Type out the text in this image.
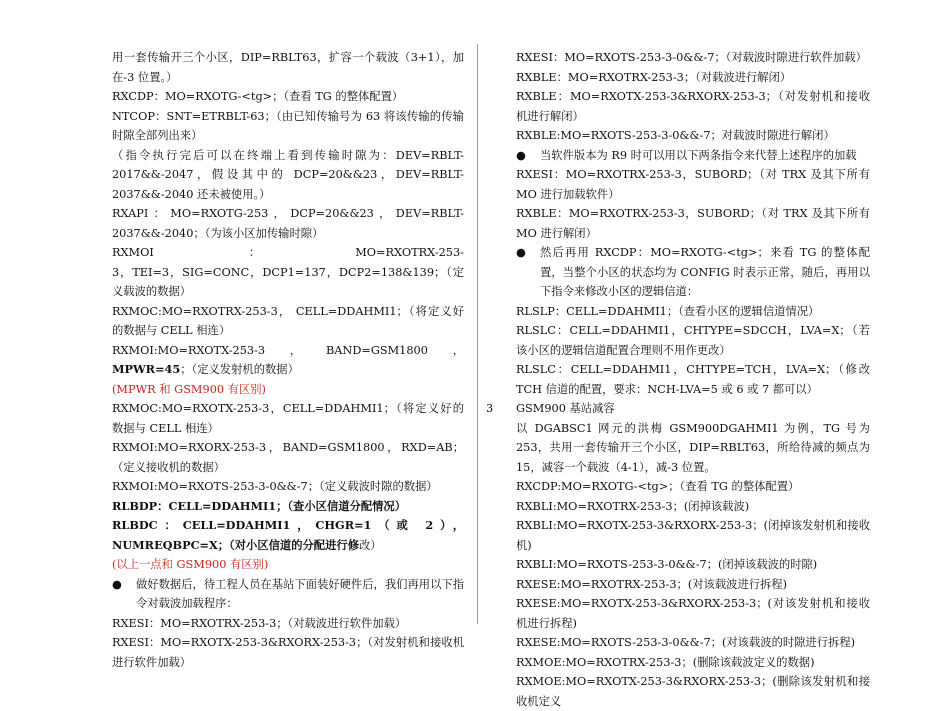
用一套传输开三个小区，DIP=RBLT63，扩容一个载波（3+1），加在-3 位置。）

RXCDP：MO=RXOTG-<tg>；（查看 TG 的整体配置）

NTCOP：SNT=ETRBLT-63；（由已知传输号为 63 将该传输的传输时隙全部列出来）

（指令执行完后可以在终端上看到传输时隙为：DEV=RBLT-2017&&-2047，假设其中的 DCP=20&&23，DEV=RBLT-2037&&-2040 还未被使用。）

RXAPI：MO=RXOTG-253，DCP=20&&23，DEV=RBLT-2037&&-2040；（为该小区加传输时隙）

RXMOI	：	MO=RXOTRX-253-

3，TEI=3，SIG=CONC，DCP1=137，DCP2=138&139；（定义载波的数据）

RXMOC:MO=RXOTRX-253-3， CELL=DDAHMI1；（将定义好的数据与 CELL 相连）

RXMOI:MO=RXOTX-253-3，BAND=GSM1800，MPWR=45；（定义发射机的数据）

(MPWR 和 GSM900 有区别)

RXMOC:MO=RXOTX-253-3，CELL=DDAHMI1；（将定义好的数据与 CELL 相连）

RXMOI:MO=RXORX-253-3，BAND=GSM1800，RXD=AB；（定义接收机的数据）

RXMOI:MO=RXOTS-253-3-0&&-7；（定义载波时隙的数据）

RLBDP：CELL=DDAHMI1；（查小区信道分配情况）

RLBDC：CELL=DDAHMI1，CHGR=1（或 2），NUMREQBPC=X；（对小区信道的分配进行修改）

(以上一点和 GSM900 有区别)

●	做好数据后，待工程人员在基站下面装好硬件后，我们再用以下指令对载波加载程序：

RXESI：MO=RXOTRX-253-3；（对载波进行软件加载）

RXESI：MO=RXOTX-253-3&RXORX-253-3；（对发射机和接收机进行软件加载）

RXESI：MO=RXOTS-253-3-0&&-7；（对载波时隙进行软件加载）

RXBLE：MO=RXOTRX-253-3；（对载波进行解闭）

RXBLE：MO=RXOTX-253-3&RXORX-253-3；（对发射机和接收机进行解闭）

RXBLE:MO=RXOTS-253-3-0&&-7；对载波时隙进行解闭）

●	当软件版本为 R9 时可以用以下两条指令来代替上述程序的加载

RXESI：MO=RXOTRX-253-3，SUBORD；（对 TRX 及其下所有 MO 进行加载软件）

RXBLE：MO=RXOTRX-253-3，SUBORD；（对 TRX 及其下所有 MO 进行解闭）

●	然后再用 RXCDP：MO=RXOTG-<tg>；来看 TG 的整体配置，当整个小区的状态均为 CONFIG 时表示正常，随后，再用以下指令来修改小区的逻辑信道：

RLSLP：CELL=DDAHMI1；（查看小区的逻辑信道情况）

RLSLC：CELL=DDAHMI1，CHTYPE=SDCCH，LVA=X；（若该小区的逻辑信道配置合理则不用作更改）

RLSLC：CELL=DDAHMI1，CHTYPE=TCH，LVA=X；（修改 TCH 信道的配置，要求：NCH-LVA=5 或 6 或 7 都可以）

3	GSM900 基站减容

以 DGABSC1 网元的洪梅 GSM900DGAHMI1 为例，TG 号为 253，共用一套传输开三个小区，DIP=RBLT63，所给待减的频点为 15，减容一个载波（4-1），减-3 位置。

RXCDP:MO=RXOTG-<tg>；（查看 TG 的整体配置）

RXBLI:MO=RXOTRX-253-3；(闭掉该载波)

RXBLI:MO=RXOTX-253-3&RXORX-253-3；(闭掉该发射机和接收机)

RXBLI:MO=RXOTS-253-3-0&&-7；(闭掉该载波的时隙)

RXESE:MO=RXOTRX-253-3；(对该载波进行拆程)

RXESE:MO=RXOTX-253-3&RXORX-253-3；(对该发射机和接收机进行拆程)

RXESE:MO=RXOTS-253-3-0&&-7；(对该载波的时隙进行拆程)

RXMOE:MO=RXOTRX-253-3；(删除该载波定义的数据)

RXMOE:MO=RXOTX-253-3&RXORX-253-3；(删除该发射机和接收机定义
